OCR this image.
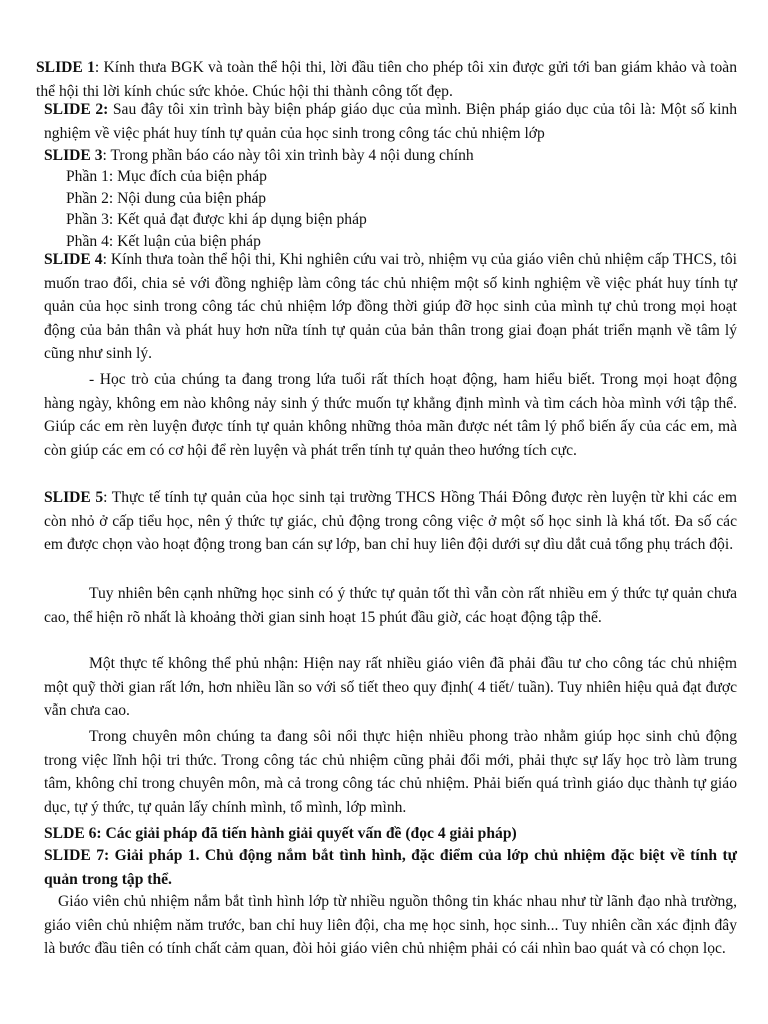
SLIDE 1: Kính thưa BGK và toàn thể hội thi, lời đầu tiên cho phép tôi xin được gửi tới ban giám khảo và toàn thể hội thi lời kính chúc sức khỏe. Chúc hội thi thành công tốt đẹp.

SLIDE 2: Sau đây tôi xin trình bày biện pháp giáo dục của mình. Biện pháp giáo dục của tôi là: Một số kinh nghiệm về việc phát huy tính tự quản của học sinh trong công tác chủ nhiệm lớp

SLIDE 3: Trong phần báo cáo này tôi xin trình bày 4 nội dung chính

Phần 1: Mục đích của biện pháp
Phần 2: Nội dung của biện pháp
Phần 3: Kết quả đạt được khi áp dụng biện pháp
Phần 4: Kết luận của biện pháp

SLIDE 4: Kính thưa toàn thể hội thi, Khi nghiên cứu vai trò, nhiệm vụ của giáo viên chủ nhiệm cấp THCS, tôi muốn trao đổi, chia sẻ với đồng nghiệp làm công tác chủ nhiệm một số kinh nghiệm về việc phát huy tính tự quản của học sinh trong công tác chủ nhiệm lớp đồng thời giúp đỡ học sinh của mình tự chủ trong mọi hoạt động của bản thân và phát huy hơn nữa tính tự quản của bản thân trong giai đoạn phát triển mạnh về tâm lý cũng như sinh lý.

- Học trò của chúng ta đang trong lứa tuổi rất thích hoạt động, ham hiểu biết. Trong mọi hoạt động hàng ngày, không em nào không nảy sinh ý thức muốn tự khẳng định mình và tìm cách hòa mình với tập thể. Giúp các em rèn luyện được tính tự quản không những thỏa mãn được nét tâm lý phổ biến ấy của các em, mà còn giúp các em có cơ hội để rèn luyện và phát trển tính tự quản theo hướng tích cực.

SLIDE 5: Thực tế tính tự quản của học sinh tại trường THCS Hồng Thái Đông được rèn luyện từ khi các em còn nhỏ ở cấp tiểu học, nên ý thức tự giác, chủ động trong công việc ở một số học sinh là khá tốt. Đa số các em được chọn vào hoạt động trong ban cán sự lớp, ban chỉ huy liên đội dưới sự dìu dắt cuả tổng phụ trách đội.

Tuy nhiên bên cạnh những học sinh có ý thức tự quản tốt thì vẫn còn rất nhiều em ý thức tự quản chưa cao, thể hiện rõ nhất là khoảng thời gian sinh hoạt 15 phút đầu giờ, các hoạt động tập thể.

Một thực tế không thể phủ nhận: Hiện nay rất nhiều giáo viên đã phải đầu tư cho công tác chủ nhiệm một quỹ thời gian rất lớn, hơn nhiều lần so với số tiết theo quy định( 4 tiết/ tuần). Tuy nhiên hiệu quả đạt được vẫn chưa cao.

Trong chuyên môn chúng ta đang sôi nổi thực hiện nhiều phong trào nhằm giúp học sinh chủ động trong việc lĩnh hội tri thức. Trong công tác chủ nhiệm cũng phải đổi mới, phải thực sự lấy học trò làm trung tâm, không chỉ trong chuyên môn, mà cả trong công tác chủ nhiệm. Phải biến quá trình giáo dục thành tự giáo dục, tự ý thức, tự quản lấy chính mình, tổ mình, lớp mình.

SLDE 6: Các giải pháp đã tiến hành giải quyết vấn đề (đọc 4 giải pháp)

SLIDE 7: Giải pháp 1. Chủ động nắm bắt tình hình, đặc điểm của lớp chủ nhiệm đặc biệt về tính tự quản trong tập thể.

Giáo viên chủ nhiệm nắm bắt tình hình lớp từ nhiều nguồn thông tin khác nhau như từ lãnh đạo nhà trường, giáo viên chủ nhiệm năm trước, ban chỉ huy liên đội, cha mẹ học sinh, học sinh... Tuy nhiên cần xác định đây là bước đầu tiên có tính chất cảm quan, đòi hỏi giáo viên chủ nhiệm phải có cái nhìn bao quát và có chọn lọc.
